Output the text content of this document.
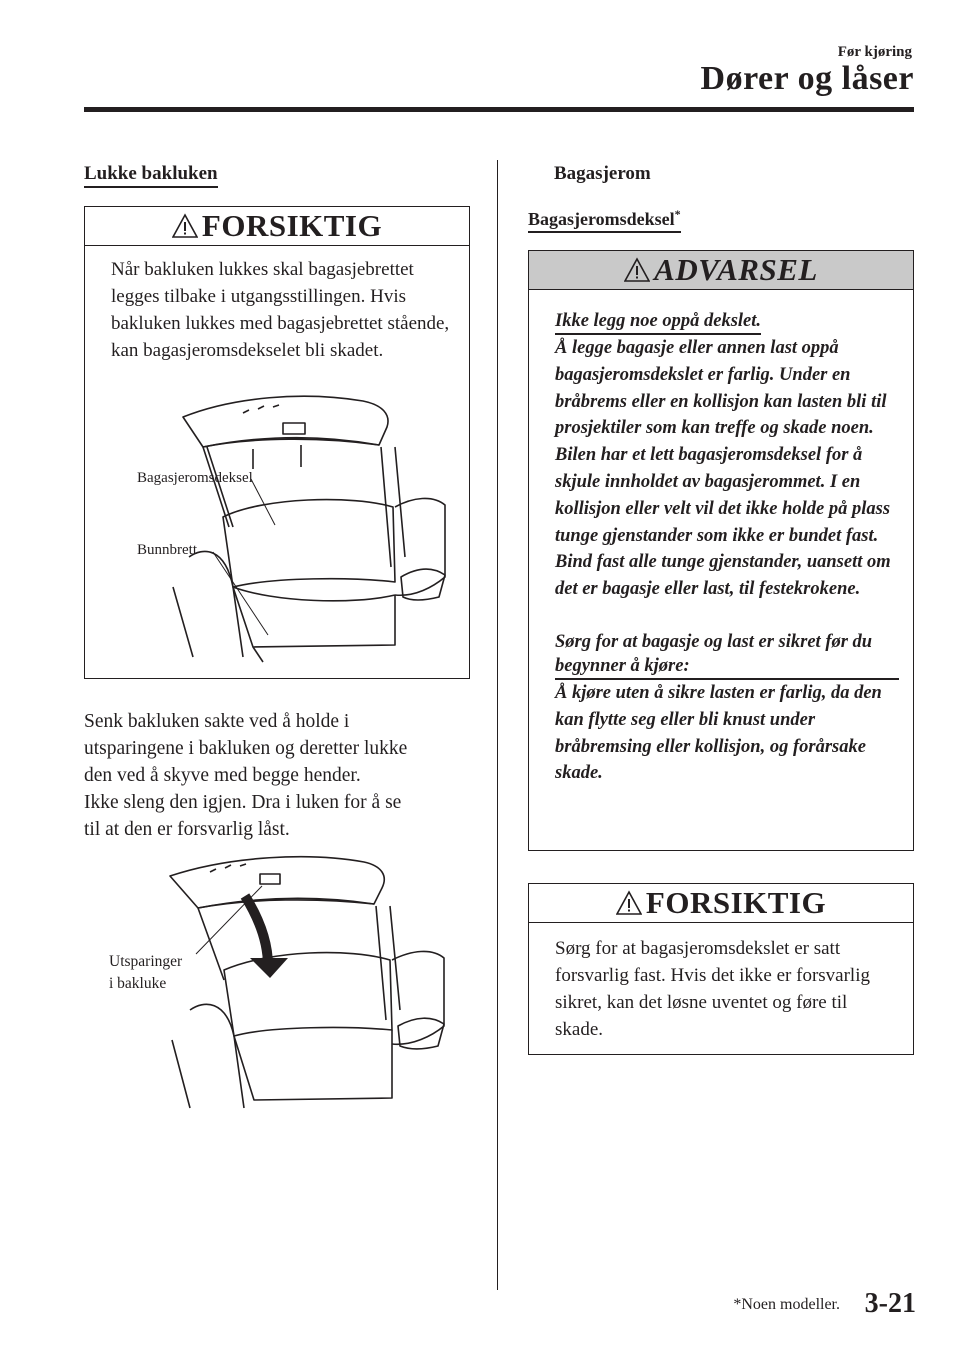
Før kjøring
Dører og låser
Lukke bakluken
FORSIKTIG

Når bakluken lukkes skal bagasjebrettet legges tilbake i utgangsstillingen. Hvis bakluken lukkes med bagasjebrettet stående, kan bagasjeromsdekselet bli skadet.

Bagasjeromsdeksel
Bunnbrett

Senk bakluken sakte ved å holde i

utsparingene i bakluken og deretter lukke

den ved å skyve med begge hender.

Ikke sleng den igjen. Dra i luken for å se

til at den er forsvarlig låst.

Utsparinger
i bakluke
Bagasjerom
Bagasjeromsdeksel*
ADVARSEL

Ikke legg noe oppå dekslet.

Å legge bagasje eller annen last oppå bagasjeromsdekslet er farlig. Under en bråbrems eller en kollisjon kan lasten bli til prosjektiler som kan treffe og skade noen. Bilen har et lett bagasjeromsdeksel for å skjule innholdet av bagasjerommet. I en kollisjon eller velt vil det ikke holde på plass tunge gjenstander som ikke er bundet fast. Bind fast alle tunge gjenstander, uansett om det er bagasje eller last, til festekrokene.

Sørg for at bagasje og last er sikret før du begynner å kjøre:

Å kjøre uten å sikre lasten er farlig, da den kan flytte seg eller bli knust under bråbremsing eller kollisjon, og forårsake skade.

FORSIKTIG

Sørg for at bagasjeromsdekslet er satt forsvarlig fast. Hvis det ikke er forsvarlig sikret, kan det løsne uventet og føre til skade.

*Noen modeller. 3-21
